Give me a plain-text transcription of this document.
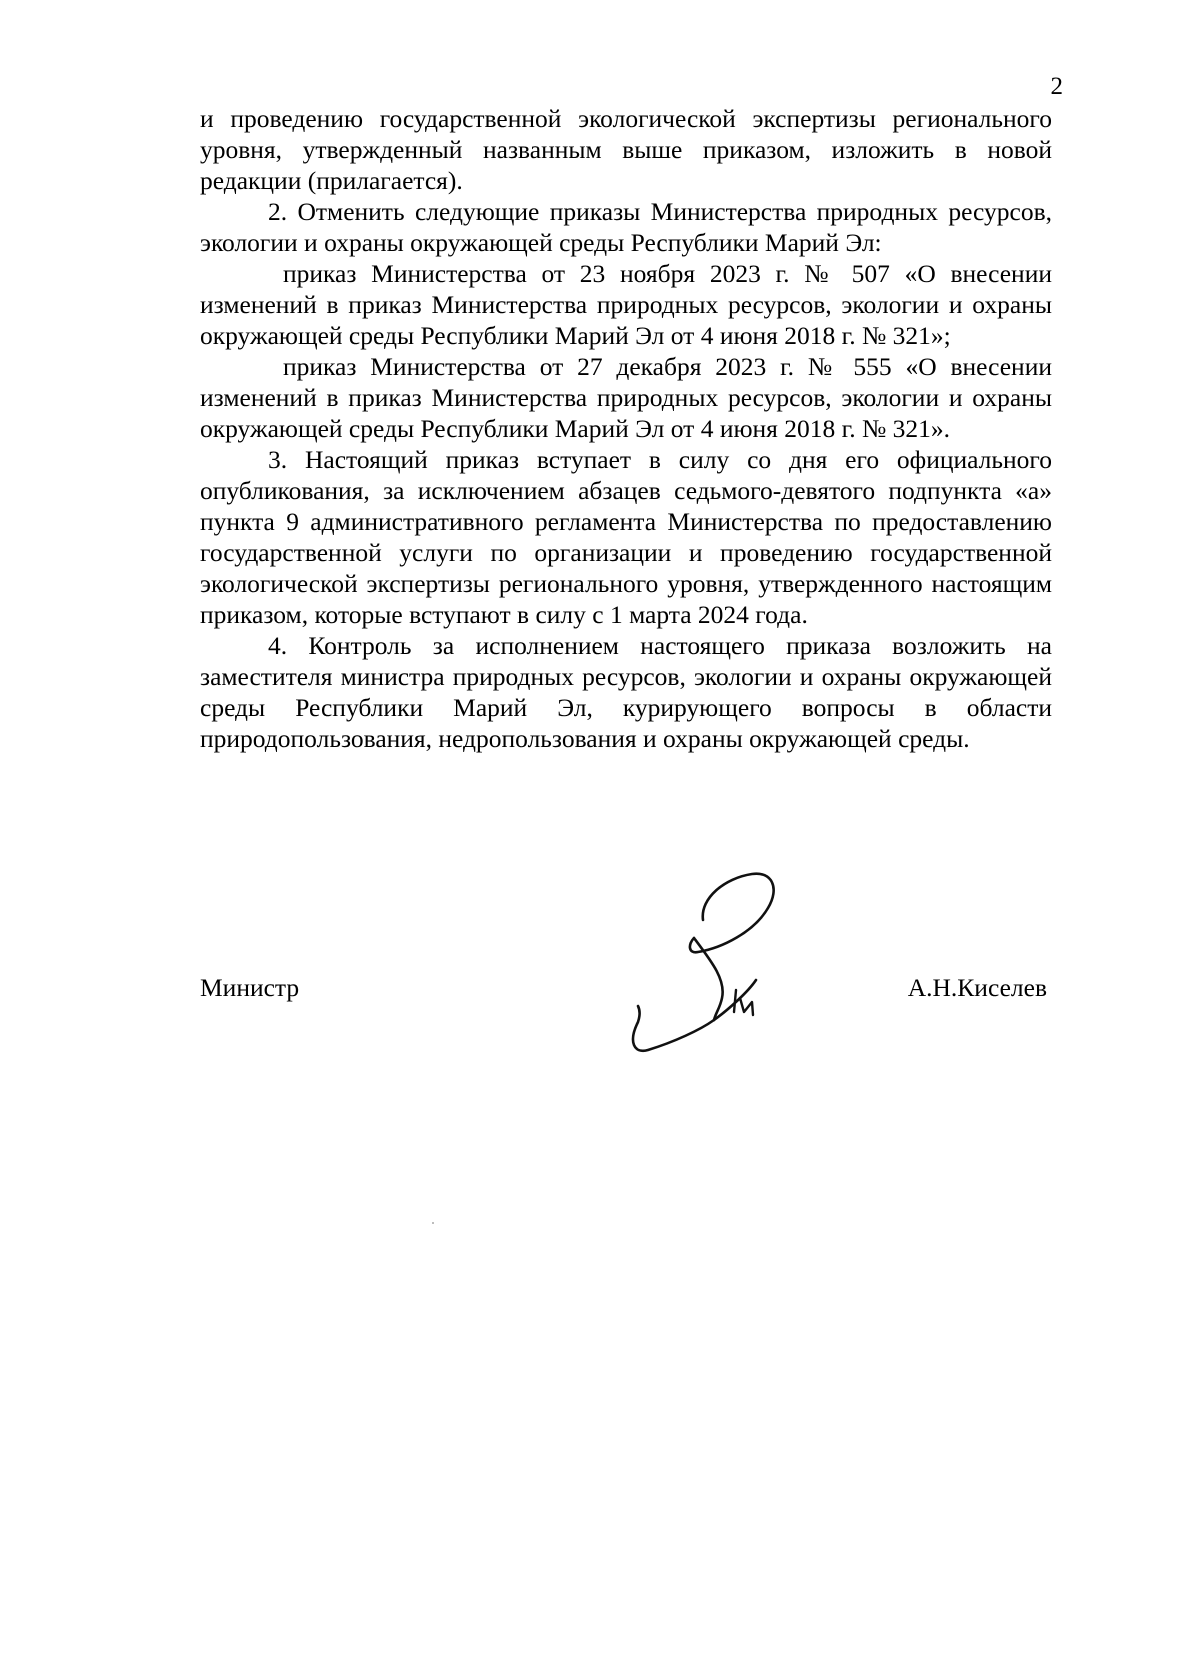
2

и проведению государственной экологической экспертизы регионального уровня, утвержденный названным выше приказом, изложить в новой редакции (прилагается).

2. Отменить следующие приказы Министерства природных ресурсов, экологии и охраны окружающей среды Республики Марий Эл:

приказ Министерства от 23 ноября 2023 г. № 507 «О внесении изменений в приказ Министерства природных ресурсов, экологии и охраны окружающей среды Республики Марий Эл от 4 июня 2018 г. № 321»;

приказ Министерства от 27 декабря 2023 г. № 555 «О внесении изменений в приказ Министерства природных ресурсов, экологии и охраны окружающей среды Республики Марий Эл от 4 июня 2018 г. № 321».

3. Настоящий приказ вступает в силу со дня его официального опубликования, за исключением абзацев седьмого-девятого подпункта «а» пункта 9 административного регламента Министерства по предоставлению государственной услуги по организации и проведению государственной экологической экспертизы регионального уровня, утвержденного настоящим приказом, которые вступают в силу с 1 марта 2024 года.

4. Контроль за исполнением настоящего приказа возложить на заместителя министра природных ресурсов, экологии и охраны окружающей среды Республики Марий Эл, курирующего вопросы в области природопользования, недропользования и охраны окружающей среды.

Министр	А.Н.Киселев
